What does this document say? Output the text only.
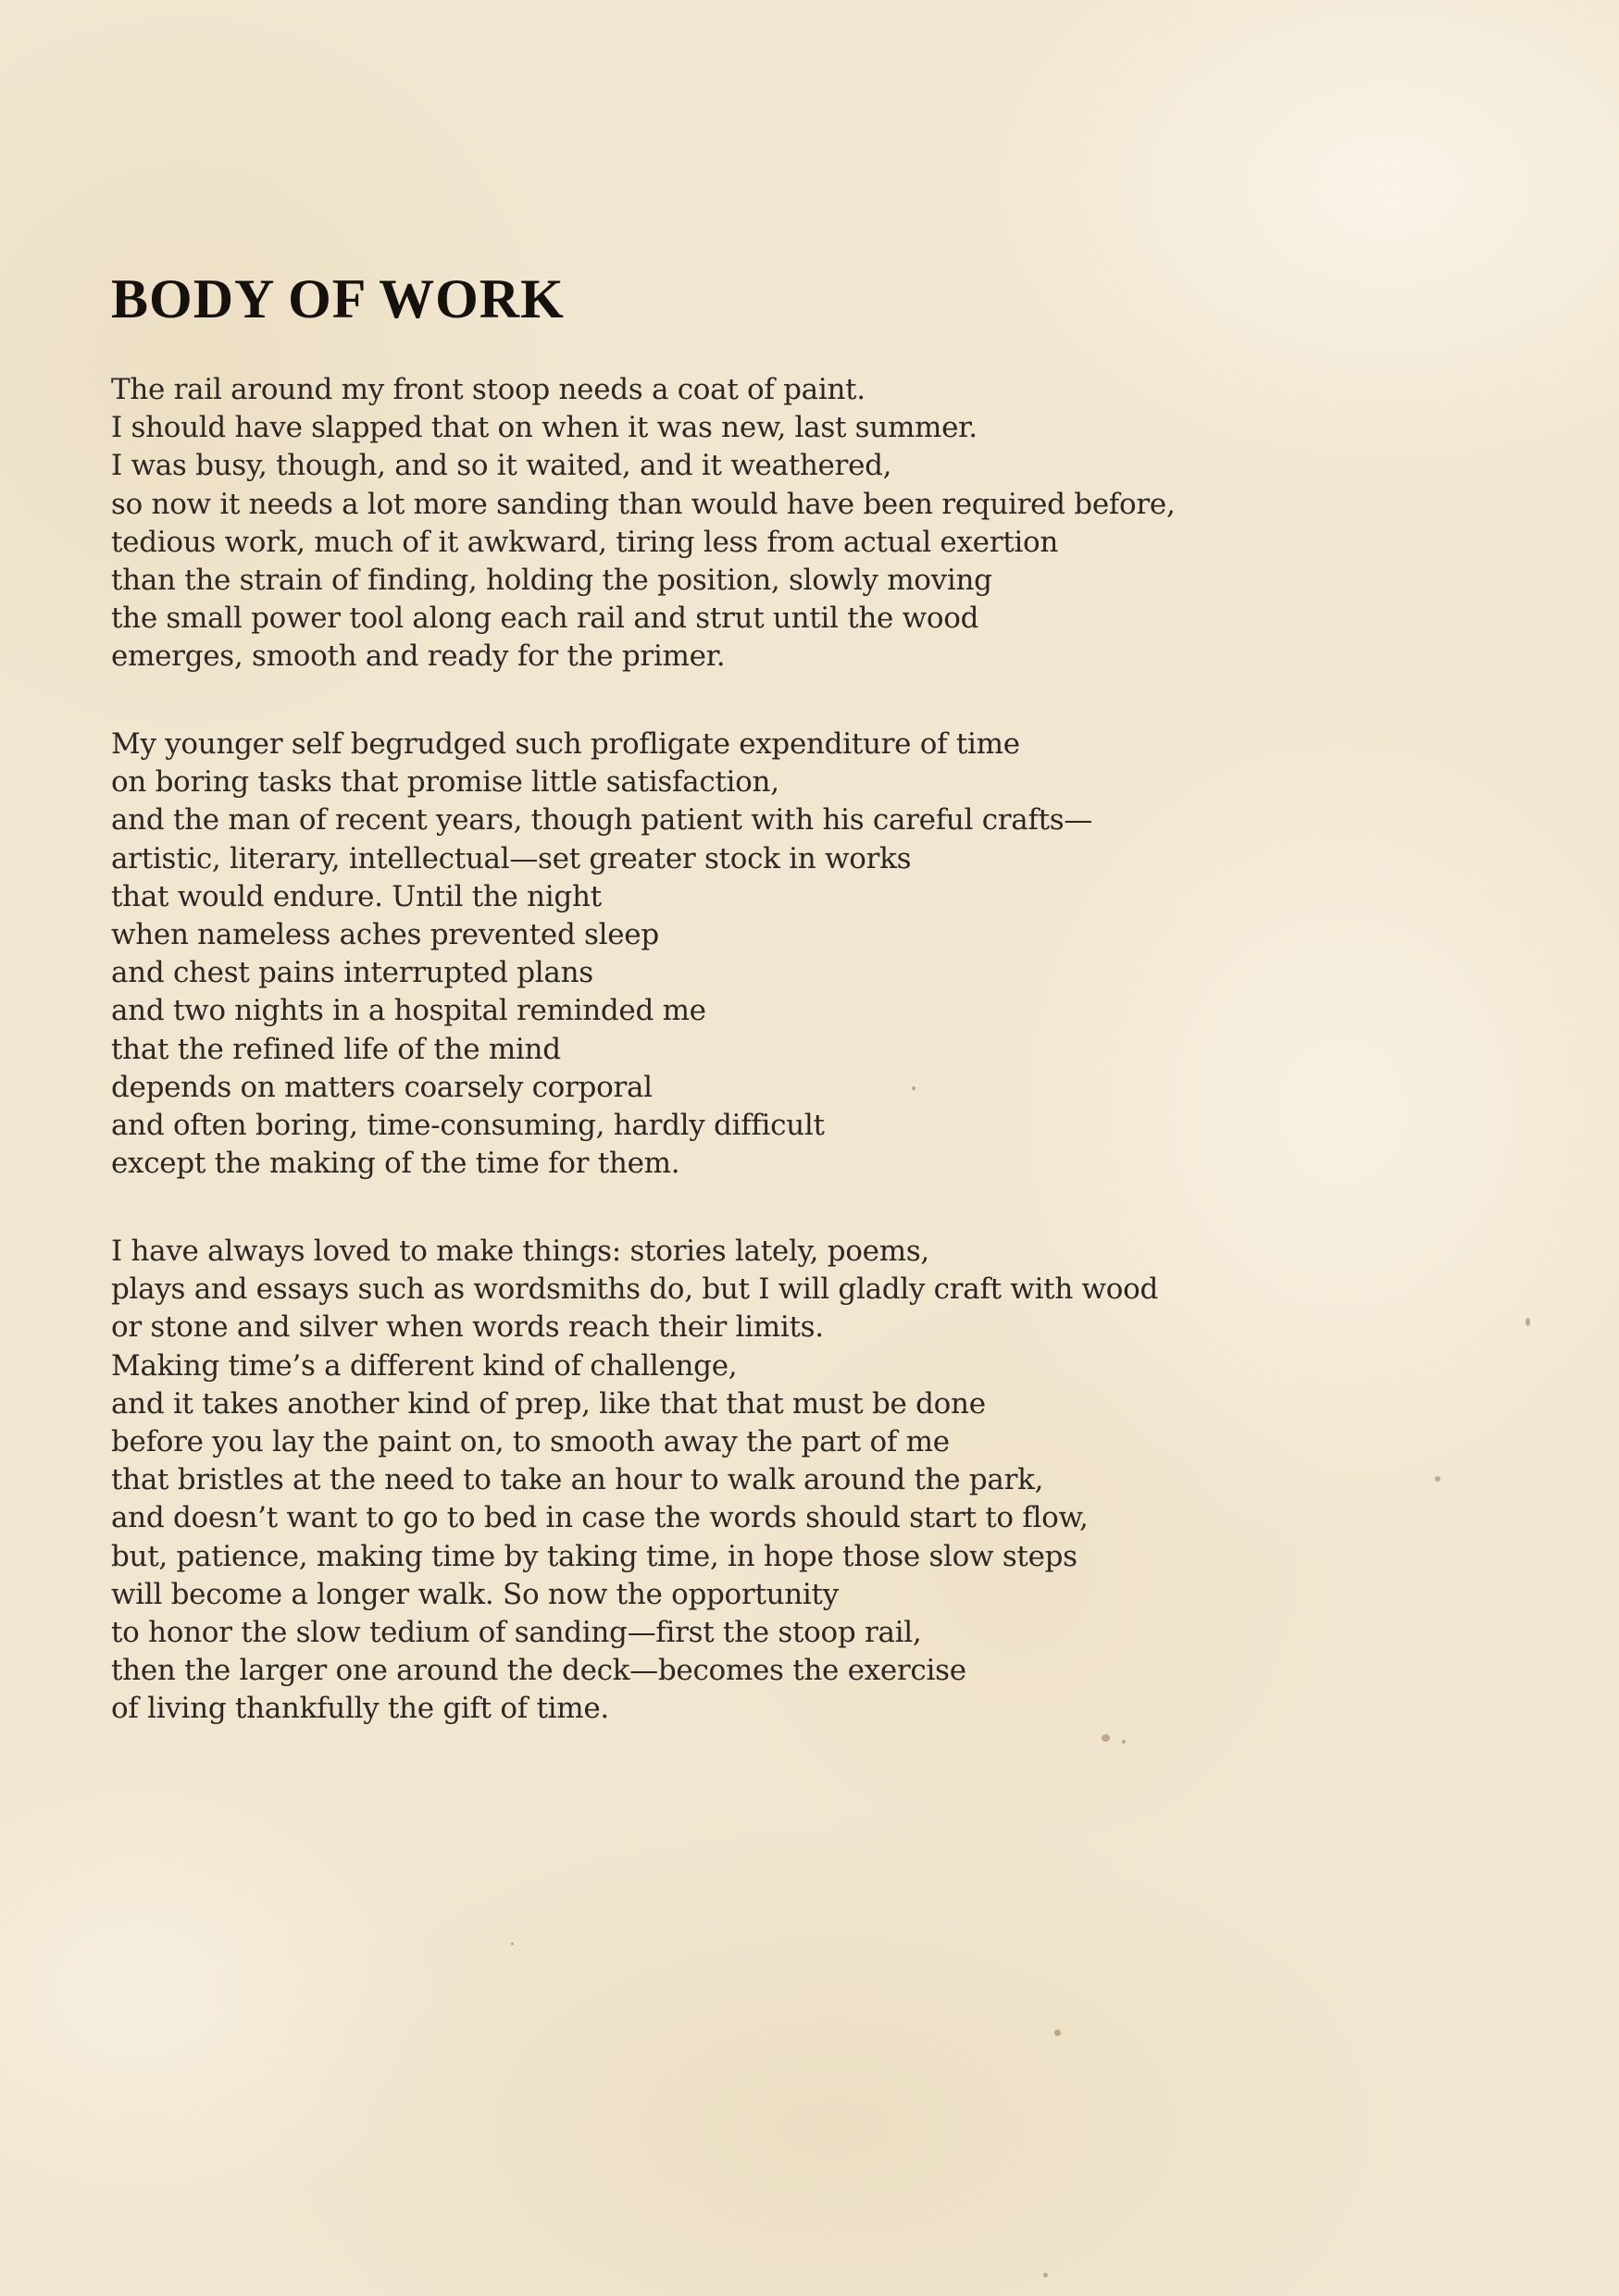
BODY OF WORK
The rail around my front stoop needs a coat of paint.
I should have slapped that on when it was new, last summer.
I was busy, though, and so it waited, and it weathered,
so now it needs a lot more sanding than would have been required before,
tedious work, much of it awkward, tiring less from actual exertion
than the strain of finding, holding the position, slowly moving
the small power tool along each rail and strut until the wood
emerges, smooth and ready for the primer.
My younger self begrudged such profligate expenditure of time
on boring tasks that promise little satisfaction,
and the man of recent years, though patient with his careful crafts—
artistic, literary, intellectual—set greater stock in works
that would endure. Until the night
when nameless aches prevented sleep
and chest pains interrupted plans
and two nights in a hospital reminded me
that the refined life of the mind
depends on matters coarsely corporal
and often boring, time-consuming, hardly difficult
except the making of the time for them.
I have always loved to make things: stories lately, poems,
plays and essays such as wordsmiths do, but I will gladly craft with wood
or stone and silver when words reach their limits.
Making time’s a different kind of challenge,
and it takes another kind of prep, like that that must be done
before you lay the paint on, to smooth away the part of me
that bristles at the need to take an hour to walk around the park,
and doesn’t want to go to bed in case the words should start to flow,
but, patience, making time by taking time, in hope those slow steps
will become a longer walk. So now the opportunity
to honor the slow tedium of sanding—first the stoop rail,
then the larger one around the deck—becomes the exercise
of living thankfully the gift of time.
